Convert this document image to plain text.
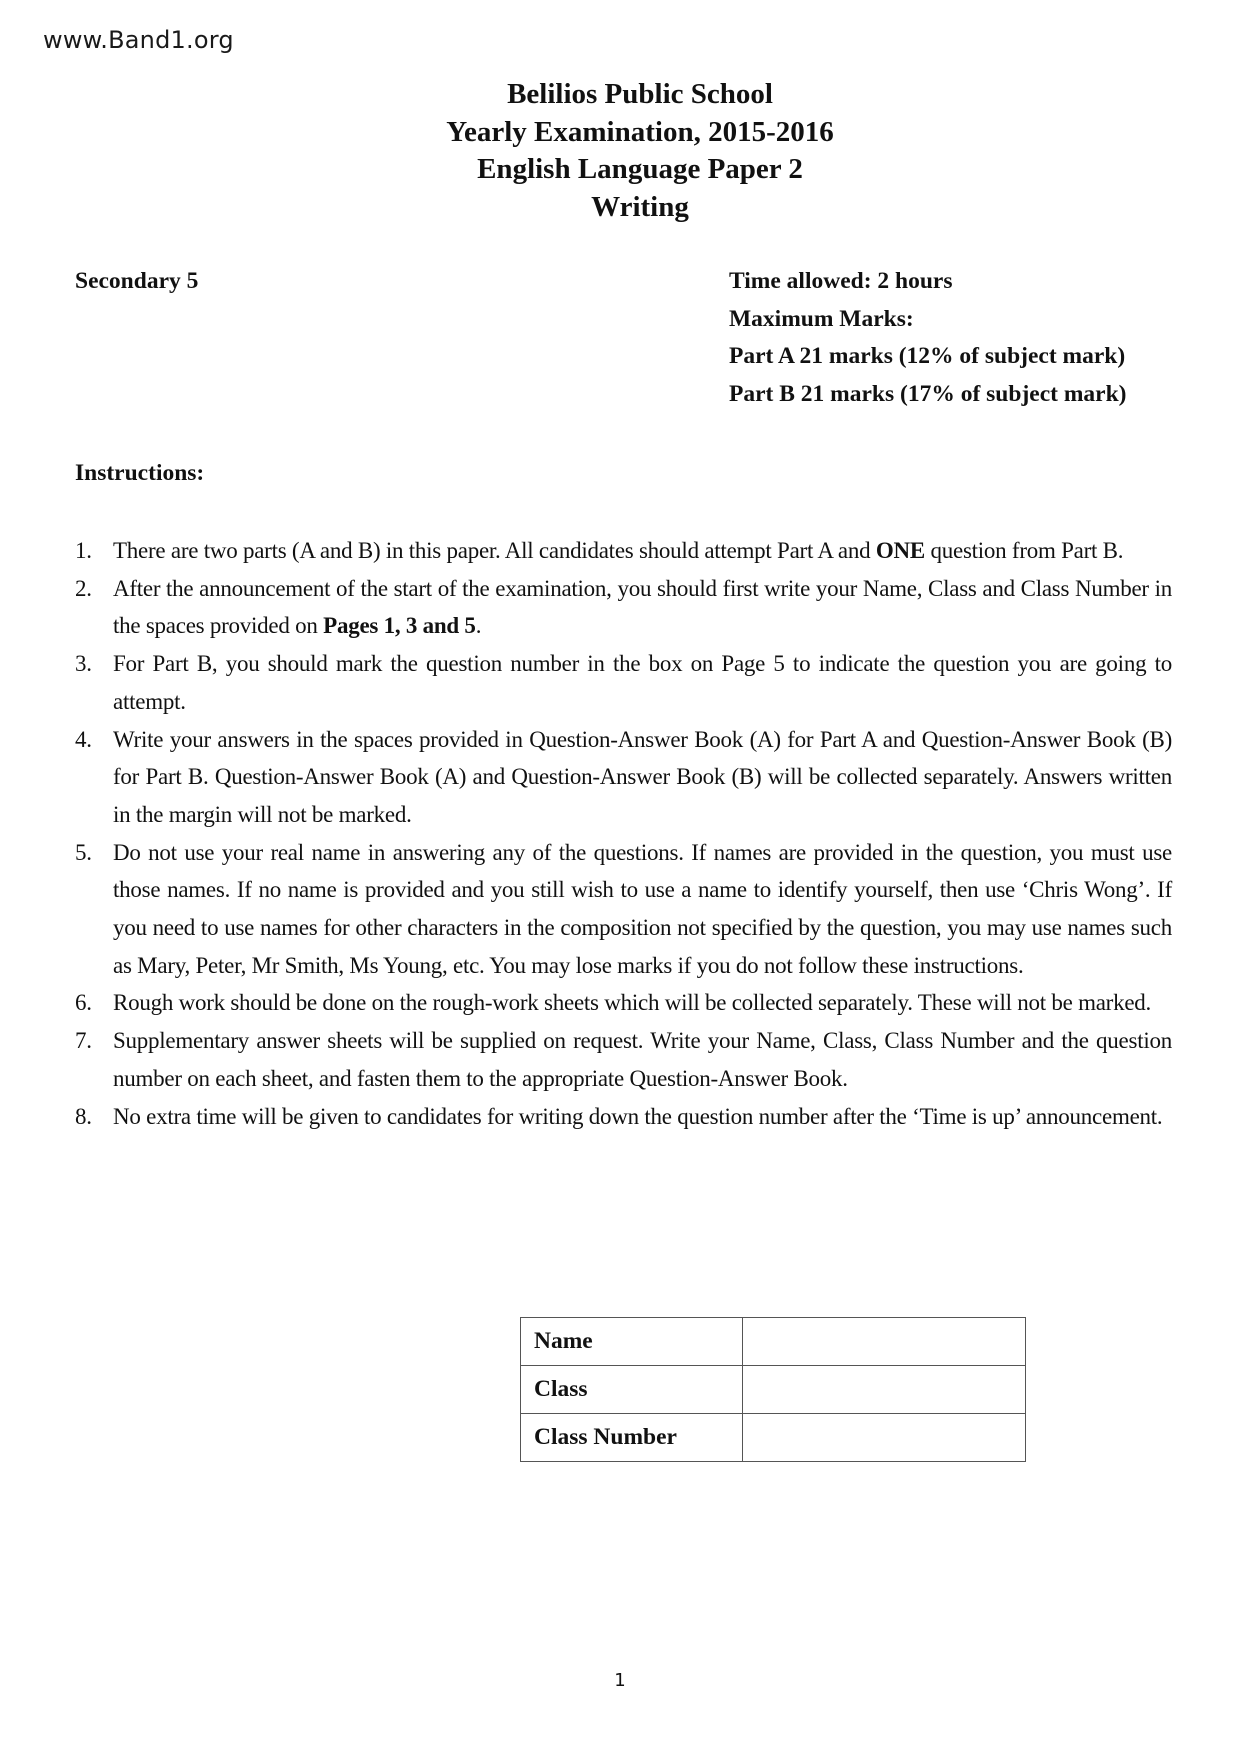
www.Band1.org
Belilios Public School
Yearly Examination, 2015-2016
English Language Paper 2
Writing
Secondary 5	Time allowed: 2 hours
Maximum Marks:
Part A 21 marks (12% of subject mark)
Part B 21 marks (17% of subject mark)
Instructions:
1. There are two parts (A and B) in this paper. All candidates should attempt Part A and ONE question from Part B.
2. After the announcement of the start of the examination, you should first write your Name, Class and Class Number in the spaces provided on Pages 1, 3 and 5.
3. For Part B, you should mark the question number in the box on Page 5 to indicate the question you are going to attempt.
4. Write your answers in the spaces provided in Question-Answer Book (A) for Part A and Question-Answer Book (B) for Part B. Question-Answer Book (A) and Question-Answer Book (B) will be collected separately. Answers written in the margin will not be marked.
5. Do not use your real name in answering any of the questions. If names are provided in the question, you must use those names. If no name is provided and you still wish to use a name to identify yourself, then use ‘Chris Wong’. If you need to use names for other characters in the composition not specified by the question, you may use names such as Mary, Peter, Mr Smith, Ms Young, etc. You may lose marks if you do not follow these instructions.
6. Rough work should be done on the rough-work sheets which will be collected separately. These will not be marked.
7. Supplementary answer sheets will be supplied on request. Write your Name, Class, Class Number and the question number on each sheet, and fasten them to the appropriate Question-Answer Book.
8. No extra time will be given to candidates for writing down the question number after the ‘Time is up’ announcement.
Name	
Class	
Class Number	
1
